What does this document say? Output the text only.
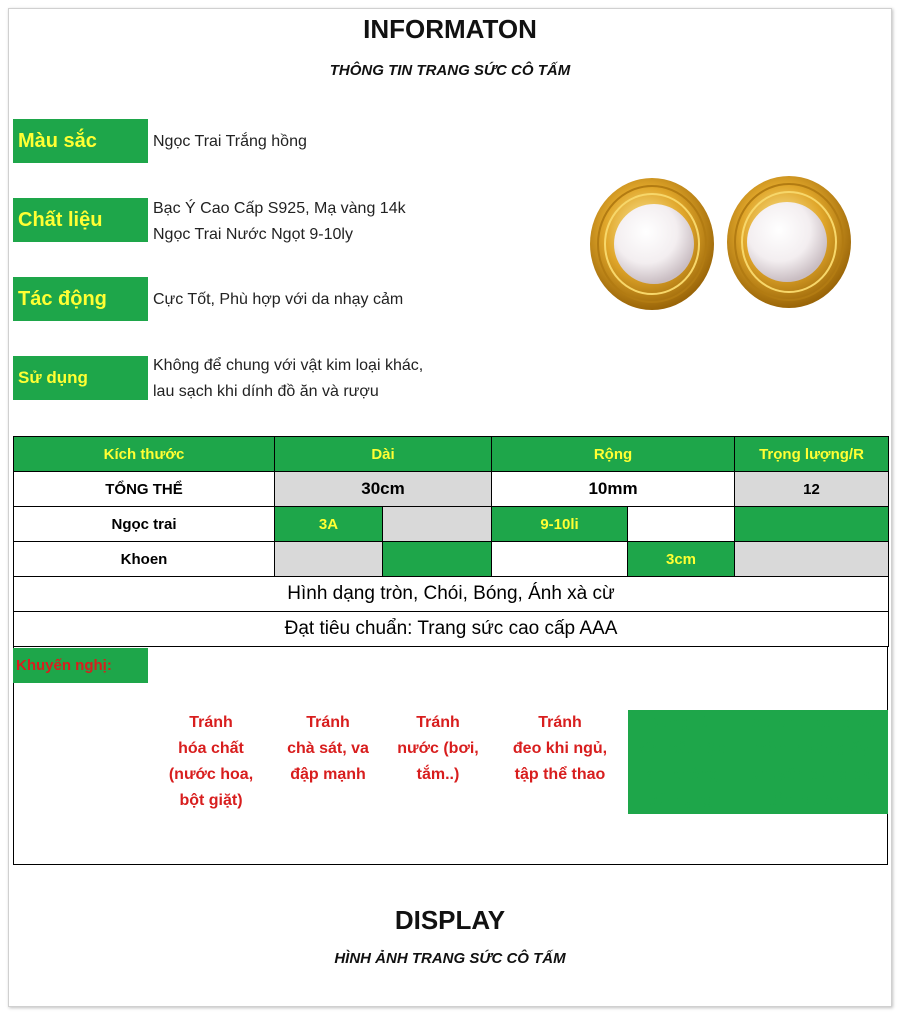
INFORMATON
THÔNG TIN TRANG SỨC CÔ TẤM
Màu sắc	Ngọc Trai Trắng hồng
Chất liệu	Bạc Ý Cao Cấp S925, Mạ vàng 14k
Ngọc Trai Nước Ngọt 9-10ly
Tác động	Cực Tốt, Phù hợp với da nhạy cảm
Sử dụng
Không để chung với vật kim loại khác,
lau sạch khi dính đồ ăn và rượu
Kích thước	Dài		Rộng		Trọng lượng/R
TỔNG THỂ	30cm		10mm		12
Ngọc trai	3A		9-10li		
Khoen				3cm	
Hình dạng tròn, Chói, Bóng, Ánh xà cừ					
Đạt tiêu chuẩn: Trang sức cao cấp AAA					
Khuyến nghị:
Tránh
hóa chất
(nước hoa,
bột giặt)
Tránh
chà sát, va
đập mạnh
Tránh
nước (bơi,
tắm..)
Tránh
đeo khi ngủ,
tập thể thao
Đựng túi
kín, cất hộp
khi không
sử dụng
Lau chùi bằng vải
mềm hoặc giấy
chuyên dụng đã
tẩm dưỡng
DISPLAY
HÌNH ẢNH TRANG SỨC CÔ TẤM
